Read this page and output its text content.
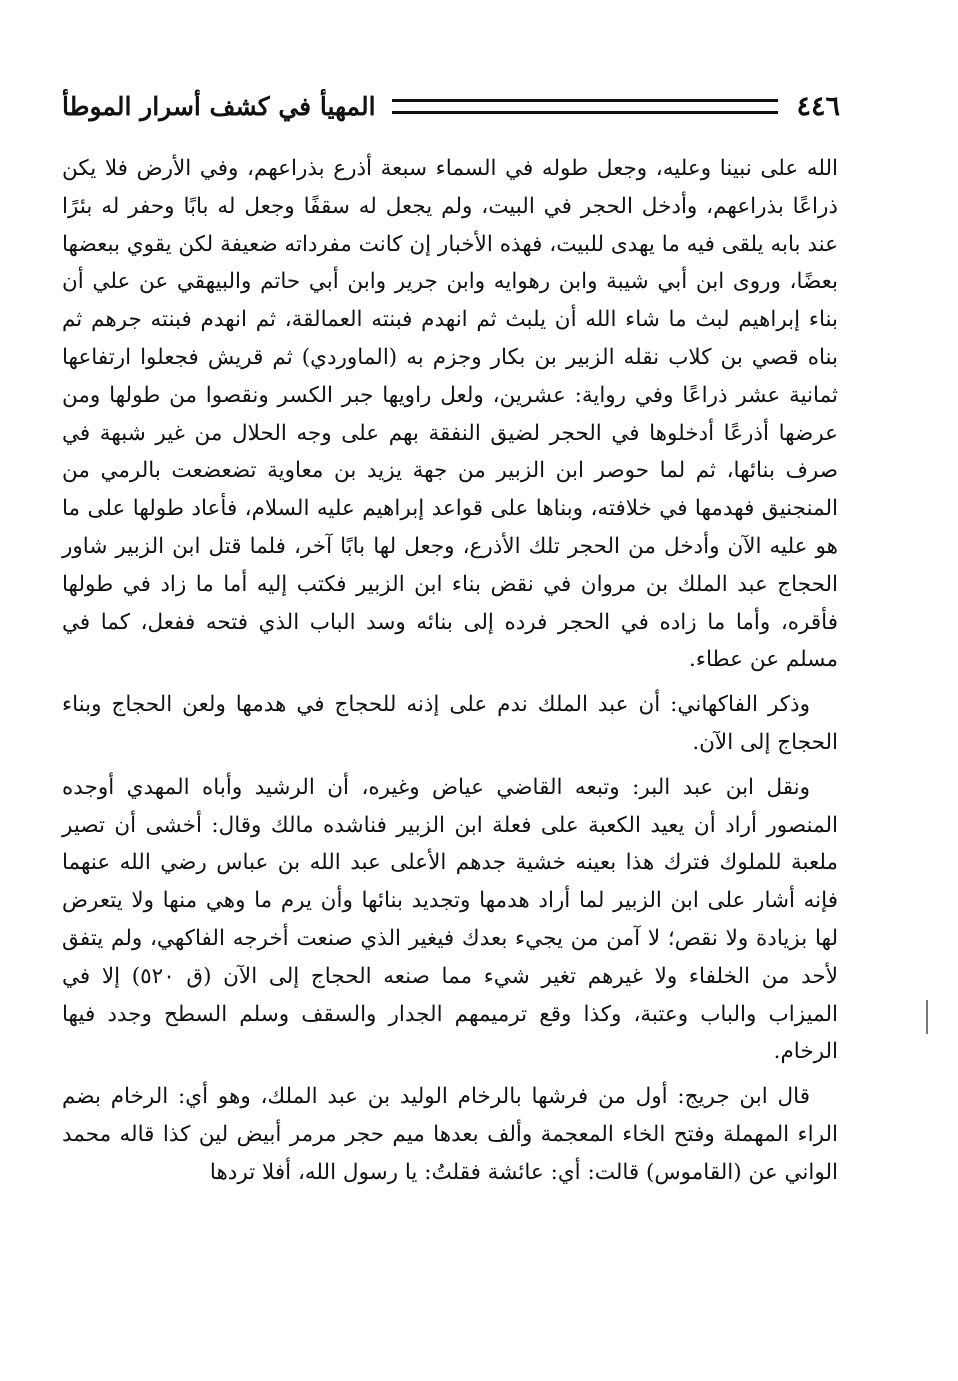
٤٤٦
المهيأ في كشف أسرار الموطأ

الله على نبينا وعليه، وجعل طوله في السماء سبعة أذرع بذراعهم، وفي الأرض فلا يكن ذراعًا بذراعهم، وأدخل الحجر في البيت، ولم يجعل له سقفًا وجعل له بابًا وحفر له بئرًا عند بابه يلقى فيه ما يهدى للبيت، فهذه الأخبار إن كانت مفرداته ضعيفة لكن يقوي ببعضها بعضًا، وروى ابن أبي شيبة وابن رهوايه وابن جرير وابن أبي حاتم والبيهقي عن علي أن بناء إبراهيم لبث ما شاء الله أن يلبث ثم انهدم فبنته العمالقة، ثم انهدم فبنته جرهم ثم بناه قصي بن كلاب نقله الزبير بن بكار وجزم به (الماوردي) ثم قريش فجعلوا ارتفاعها ثمانية عشر ذراعًا وفي رواية: عشرين، ولعل راويها جبر الكسر ونقصوا من طولها ومن عرضها أذرعًا أدخلوها في الحجر لضيق النفقة بهم على وجه الحلال من غير شبهة في صرف بنائها، ثم لما حوصر ابن الزبير من جهة يزيد بن معاوية تضعضعت بالرمي من المنجنيق فهدمها في خلافته، وبناها على قواعد إبراهيم عليه السلام، فأعاد طولها على ما هو عليه الآن وأدخل من الحجر تلك الأذرع، وجعل لها بابًا آخر، فلما قتل ابن الزبير شاور الحجاج عبد الملك بن مروان في نقض بناء ابن الزبير فكتب إليه أما ما زاد في طولها فأقره، وأما ما زاده في الحجر فرده إلى بنائه وسد الباب الذي فتحه ففعل، كما في مسلم عن عطاء.

وذكر الفاكهاني: أن عبد الملك ندم على إذنه للحجاج في هدمها ولعن الحجاج وبناء الحجاج إلى الآن.

ونقل ابن عبد البر: وتبعه القاضي عياض وغيره، أن الرشيد وأباه المهدي أوجده المنصور أراد أن يعيد الكعبة على فعلة ابن الزبير فناشده مالك وقال: أخشى أن تصير ملعبة للملوك فترك هذا بعينه خشية جدهم الأعلى عبد الله بن عباس رضي الله عنهما فإنه أشار على ابن الزبير لما أراد هدمها وتجديد بنائها وأن يرم ما وهي منها ولا يتعرض لها بزيادة ولا نقص؛ لا آمن من يجيء بعدك فيغير الذي صنعت أخرجه الفاكهي، ولم يتفق لأحد من الخلفاء ولا غيرهم تغير شيء مما صنعه الحجاج إلى الآن (ق ٥٢٠) إلا في الميزاب والباب وعتبة، وكذا وقع ترميمهم الجدار والسقف وسلم السطح وجدد فيها الرخام.

قال ابن جريج: أول من فرشها بالرخام الوليد بن عبد الملك، وهو أي: الرخام بضم الراء المهملة وفتح الخاء المعجمة وألف بعدها ميم حجر مرمر أبيض لين كذا قاله محمد الواني عن (القاموس) قالت: أي: عائشة فقلتُ: يا رسول الله، أفلا تردها
